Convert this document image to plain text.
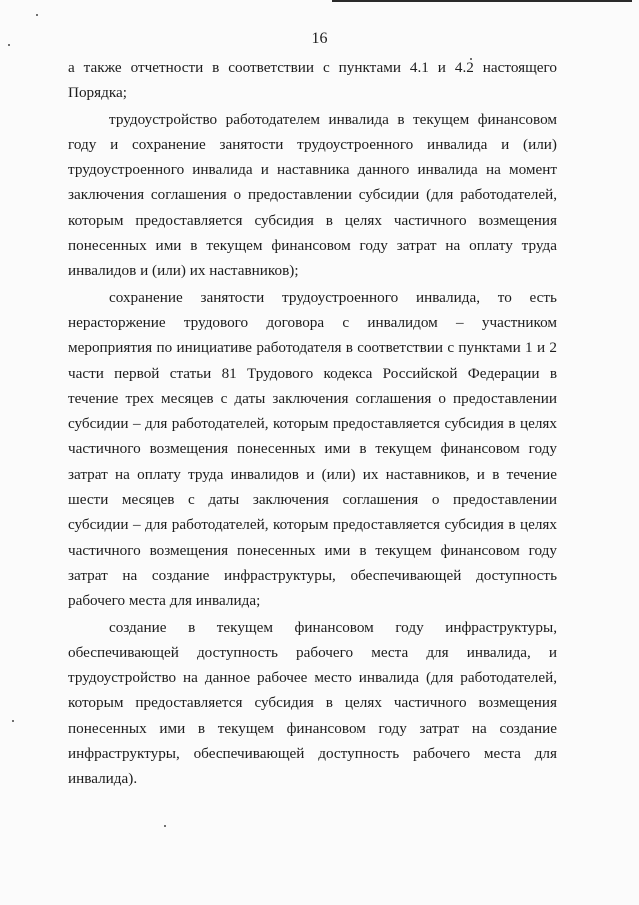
16

а также отчетности в соответствии с пунктами 4.1 и 4.2 настоящего
Порядка;

трудоустройство работодателем инвалида в текущем финансовом
году и сохранение занятости трудоустроенного инвалида и (или)
трудоустроенного инвалида и наставника данного инвалида на момент
заключения соглашения о предоставлении субсидии (для работодателей,
которым предоставляется субсидия в целях частичного возмещения
понесенных ими в текущем финансовом году затрат на оплату труда
инвалидов и (или) их наставников);

сохранение занятости трудоустроенного инвалида, то есть
нерасторжение трудового договора с инвалидом – участником
мероприятия по инициативе работодателя в соответствии с пунктами 1 и 2
части первой статьи 81 Трудового кодекса Российской Федерации в
течение трех месяцев с даты заключения соглашения о предоставлении
субсидии – для работодателей, которым предоставляется субсидия в целях
частичного возмещения понесенных ими в текущем финансовом году
затрат на оплату труда инвалидов и (или) их наставников, и в течение
шести месяцев с даты заключения соглашения о предоставлении
субсидии – для работодателей, которым предоставляется субсидия в целях
частичного возмещения понесенных ими в текущем финансовом году
затрат на создание инфраструктуры, обеспечивающей доступность
рабочего места для инвалида;

создание в текущем финансовом году инфраструктуры,
обеспечивающей доступность рабочего места для инвалида, и
трудоустройство на данное рабочее место инвалида (для работодателей,
которым предоставляется субсидия в целях частичного возмещения
понесенных ими в текущем финансовом году затрат на создание
инфраструктуры, обеспечивающей доступность рабочего места для
инвалида).
